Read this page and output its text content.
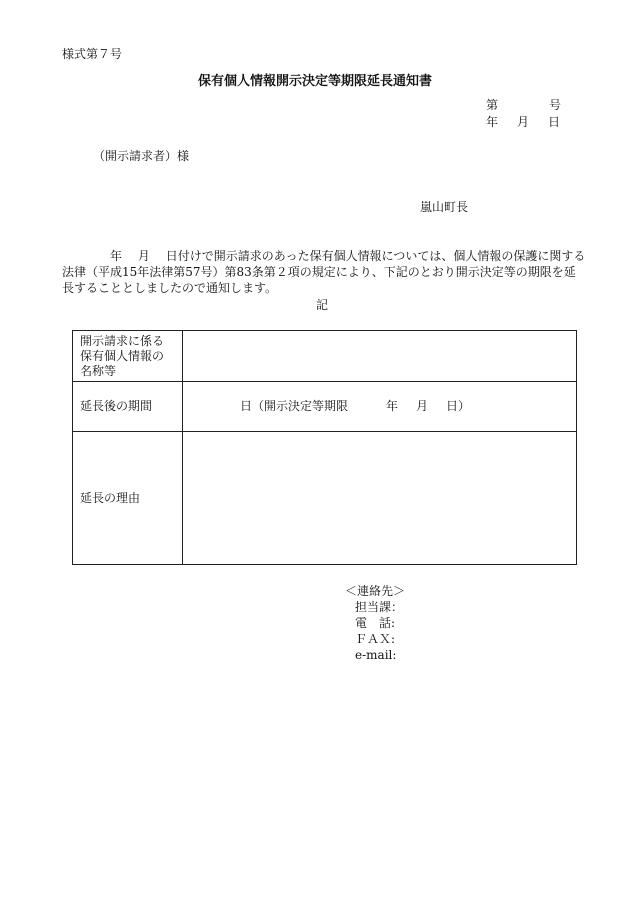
様式第７号
保有個人情報開示決定等期限延長通知書
第	号
年 月 日
（開示請求者）様
嵐山町長
年　 月　 日付けで開示請求のあった保有個人情報については、個人情報の保護に関する法律（平成15年法律第57号）第83条第２項の規定により、下記のとおり開示決定等の期限を延長することとしましたので通知します。
記
開示請求に係る保有個人情報の名称等	
延長後の期間	日（開示決定等期限 年 月 日）
延長の理由	
＜連絡先＞
担当課：
電　話:
ＦＡＸ:
e-mail:
